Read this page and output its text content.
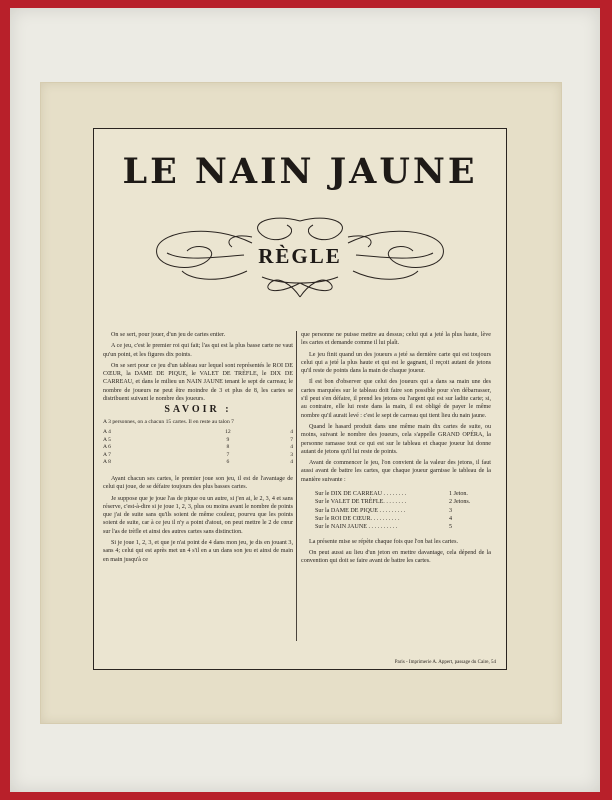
LE NAIN JAUNE
RÈGLE

On se sert, pour jouer, d'un jeu de cartes entier.

A ce jeu, c'est le premier roi qui fait; l'as qui est la plus basse carte ne vaut qu'un point, et les figures dix points.

On se sert pour ce jeu d'un tableau sur lequel sont représentés le ROI DE CŒUR, la DAME DE PIQUE, le VALET DE TRÈFLE, le DIX DE CARREAU, et dans le milieu un NAIN JAUNE tenant le sept de carreau; le nombre de joueurs ne peut être moindre de 3 et plus de 8, les cartes se distribuent suivant le nombre des joueurs.

SAVOIR :

A 3 personnes, on a chacun 15 cartes. Il en reste au talon 7

A 4	12	4
A 5	9	7
A 6	8	4
A 7	7	3
A 8	6	4

Ayant chacun ses cartes, le premier joue son jeu, il est de l'avantage de celui qui joue, de se défaire toujours des plus basses cartes.

Je suppose que je joue l'as de pique ou un autre, si j'en ai, le 2, 3, 4 et sans réserve, c'est-à-dire si je joue 1, 2, 3, plus ou moins avant le nombre de points que j'ai de suite sans qu'ils soient de même couleur, pourvu que les points soient de suite, car à ce jeu il n'y a point d'atout, on peut mettre le 2 de cœur sur l'as de trèfle et ainsi des autres cartes sans distinction.

Si je joue 1, 2, 3, et que je n'ai point de 4 dans mon jeu, je dis en jouant 3, sans 4; celui qui est après met un 4 s'il en a un dans son jeu et ainsi de main en main jusqu'à ce

que personne ne puisse mettre au dessus; celui qui a jeté la plus haute, lève les cartes et demande comme il lui plaît.

Le jeu finit quand un des joueurs a jeté sa dernière carte qui est toujours celui qui a jeté la plus haute et qui est le gagnant, il reçoit autant de jetons qu'il reste de points dans la main de chaque joueur.

Il est bon d'observer que celui des joueurs qui a dans sa main une des cartes marquées sur le tableau doit faire son possible pour s'en débarrasser, s'il peut s'en défaire, il prend les jetons ou l'argent qui est sur ladite carte; si, au contraire, elle lui reste dans la main, il est obligé de payer le même nombre qu'il aurait levé : c'est le sept de carreau qui tient lieu du nain jaune.

Quand le hasard produit dans une même main dix cartes de suite, ou moins, suivant le nombre des joueurs, cela s'appelle GRAND OPÉRA, la personne ramasse tout ce qui est sur le tableau et chaque joueur lui donne autant de jetons qu'il lui reste de points.

Avant de commencer le jeu, l'on convient de la valeur des jetons, il faut aussi avant de battre les cartes, que chaque joueur garnisse le tableau de la manière suivante :

Sur le DIX DE CARREAU . . . . . . . .	1 Jeton.
Sur le VALET DE TRÈFLE. . . . . . . .	2 Jetons.
Sur la DAME DE PIQUE . . . . . . . . .	3
Sur le ROI DE CŒUR. . . . . . . . . .	4
Sur le NAIN JAUNE . . . . . . . . . .	5

La présente mise se répète chaque fois que l'on bat les cartes.

On peut aussi au lieu d'un jeton en mettre davantage, cela dépend de la convention qui doit se faire avant de battre les cartes.

Paris - Imprimerie A. Appert, passage du Caire, 54
